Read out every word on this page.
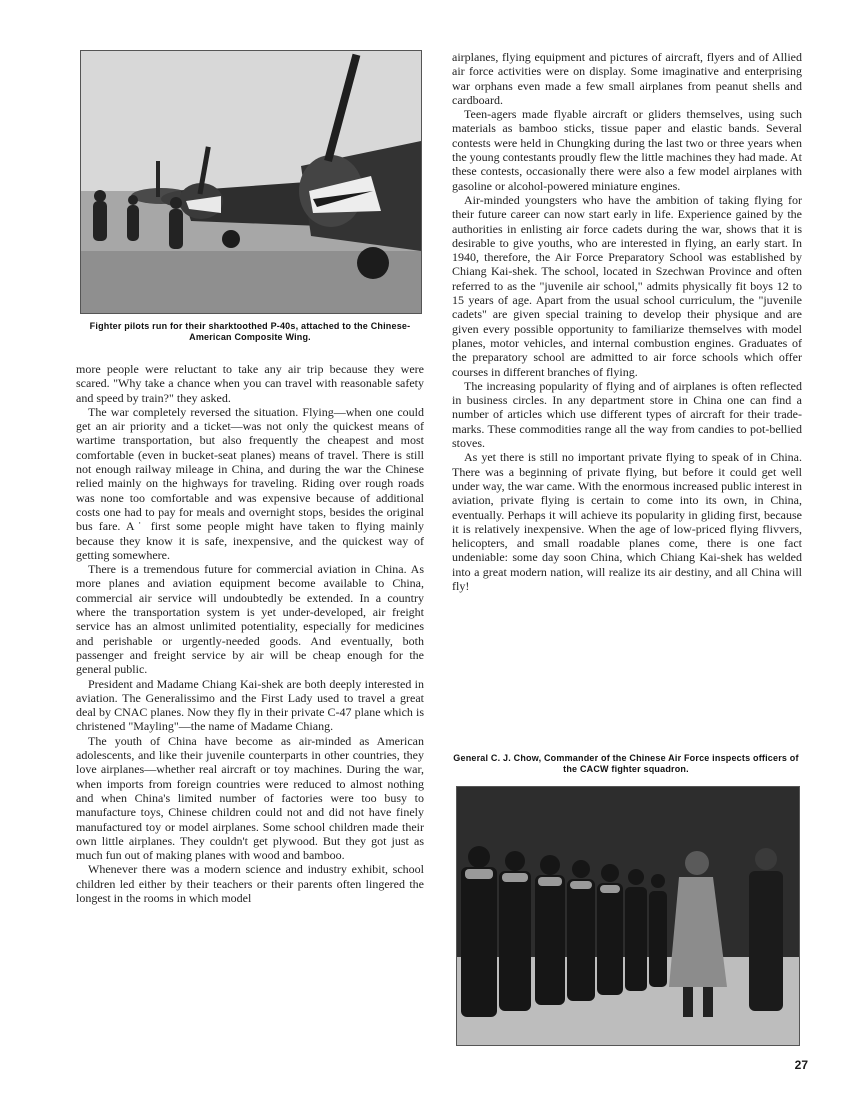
Fighter pilots run for their sharktoothed P-40s, attached to the Chinese-American Composite Wing.

more people were reluctant to take any air trip because they were scared. "Why take a chance when you can travel with reasonable safety and speed by train?" they asked.

The war completely reversed the situation. Flying—when one could get an air priority and a ticket—was not only the quickest means of wartime transportation, but also frequently the cheapest and most comfortable (even in bucket-seat planes) means of travel. There is still not enough railway mileage in China, and during the war the Chinese relied mainly on the highways for traveling. Riding over rough roads was none too comfortable and was expensive because of additional costs one had to pay for meals and overnight stops, besides the original bus fare. A˙ first some people might have taken to flying mainly because they know it is safe, inexpensive, and the quickest way of getting somewhere.

There is a tremendous future for commercial aviation in China. As more planes and aviation equipment become available to China, commercial air service will undoubtedly be extended. In a country where the transportation system is yet under-developed, air freight service has an almost unlimited potentiality, especially for medicines and perishable or urgently-needed goods. And eventually, both passenger and freight service by air will be cheap enough for the general public.

President and Madame Chiang Kai-shek are both deeply interested in aviation. The Generalissimo and the First Lady used to travel a great deal by CNAC planes. Now they fly in their private C-47 plane which is christened "Mayling"—the name of Madame Chiang.

The youth of China have become as air-minded as American adolescents, and like their juvenile counterparts in other countries, they love airplanes—whether real aircraft or toy machines. During the war, when imports from foreign countries were reduced to almost nothing and when China's limited number of factories were too busy to manufacture toys, Chinese children could not and did not have finely manufactured toy or model airplanes. Some school children made their own little airplanes. They couldn't get plywood. But they got just as much fun out of making planes with wood and bamboo.

Whenever there was a modern science and industry exhibit, school children led either by their teachers or their parents often lingered the longest in the rooms in which model

airplanes, flying equipment and pictures of aircraft, flyers and of Allied air force activities were on display. Some imaginative and enterprising war orphans even made a few small airplanes from peanut shells and cardboard.

Teen-agers made flyable aircraft or gliders themselves, using such materials as bamboo sticks, tissue paper and elastic bands. Several contests were held in Chungking during the last two or three years when the young contestants proudly flew the little machines they had made. At these contests, occasionally there were also a few model airplanes with gasoline or alcohol-powered miniature engines.

Air-minded youngsters who have the ambition of taking flying for their future career can now start early in life. Experience gained by the authorities in enlisting air force cadets during the war, shows that it is desirable to give youths, who are interested in flying, an early start. In 1940, therefore, the Air Force Preparatory School was established by Chiang Kai-shek. The school, located in Szechwan Province and often referred to as the "juvenile air school," admits physically fit boys 12 to 15 years of age. Apart from the usual school curriculum, the "juvenile cadets" are given special training to develop their physique and are given every possible opportunity to familiarize themselves with model planes, motor vehicles, and internal combustion engines. Graduates of the preparatory school are admitted to air force schools which offer courses in different branches of flying.

The increasing popularity of flying and of airplanes is often reflected in business circles. In any department store in China one can find a number of articles which use different types of aircraft for their trade-marks. These commodities range all the way from candies to pot-bellied stoves.

As yet there is still no important private flying to speak of in China. There was a beginning of private flying, but before it could get well under way, the war came. With the enormous increased public interest in aviation, private flying is certain to come into its own, in China, eventually. Perhaps it will achieve its popularity in gliding first, because it is relatively inexpensive. When the age of low-priced flying flivvers, helicopters, and small roadable planes come, there is one fact undeniable: some day soon China, which Chiang Kai-shek has welded into a great modern nation, will realize its air destiny, and all China will fly!

General C. J. Chow, Commander of the Chinese Air Force inspects officers of the CACW fighter squadron.
27
